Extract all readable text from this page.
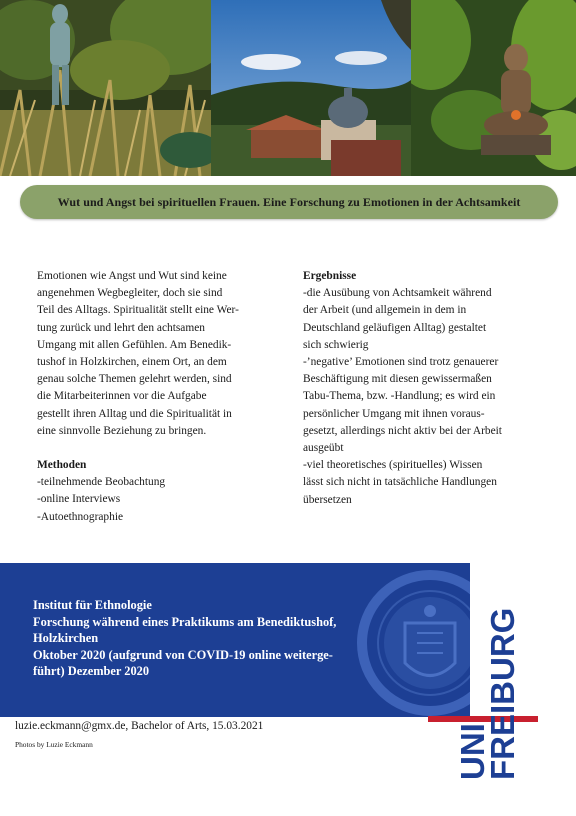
Wut und Angst bei spirituellen Frauen. Eine Forschung zu Emotionen in der Achtsamkeit
Emotionen wie Angst und Wut sind keine
angenehmen Wegbegleiter, doch sie sind
Teil des Alltags. Spiritualität stellt eine Wer-
tung zurück und lehrt den achtsamen
Umgang mit allen Gefühlen. Am Benedik-
tushof in Holzkirchen, einem Ort, an dem
genau solche Themen gelehrt werden, sind
die Mitarbeiterinnen vor die Aufgabe
gestellt ihren Alltag und die Spiritualität in
eine sinnvolle Beziehung zu bringen.
Methoden
-teilnehmende Beobachtung
-online Interviews
-Autoethnographie
Ergebnisse
-die Ausübung von Achtsamkeit während
der Arbeit (und allgemein in dem in
Deutschland geläufigen Alltag) gestaltet
sich schwierig
-’negative’ Emotionen sind trotz genauerer
Beschäftigung mit diesen gewissermaßen
Tabu-Thema, bzw. -Handlung; es wird ein
persönlicher Umgang mit ihnen voraus-
gesetzt, allerdings nicht aktiv bei der Arbeit
ausgeübt
-viel theoretisches (spirituelles) Wissen
lässt sich nicht in tatsächliche Handlungen
übersetzen
Institut für Ethnologie
Forschung während eines Praktikums am Benediktushof,
Holzkirchen
Oktober 2020 (aufgrund von COVID-19 online weiterge-
führt) Dezember 2020
UNI
FREIBURG
luzie.eckmann@gmx.de, Bachelor of Arts, 15.03.2021
Photos by Luzie Eckmann
